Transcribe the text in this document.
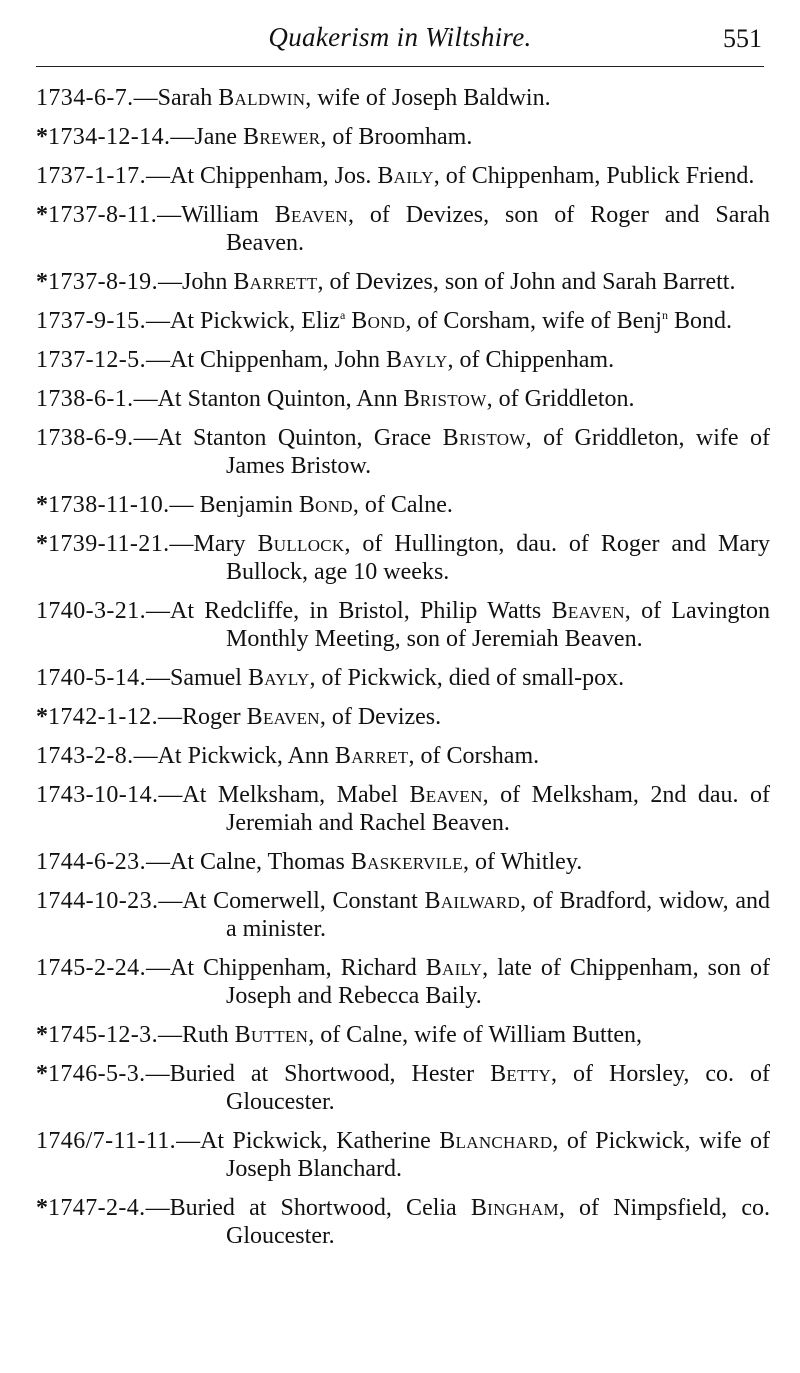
Quakerism in Wiltshire.	551
1734-6-7.—Sarah Baldwin, wife of Joseph Baldwin.
*1734-12-14.—Jane Brewer, of Broomham.
1737-1-17.—At Chippenham, Jos. Baily, of Chippenham, Publick Friend.
*1737-8-11.—William Beaven, of Devizes, son of Roger and Sarah Beaven.
*1737-8-19.—John Barrett, of Devizes, son of John and Sarah Barrett.
1737-9-15.—At Pickwick, Eliz$^a$ Bond, of Corsham, wife of Benj$^n$ Bond.
1737-12-5.—At Chippenham, John Bayly, of Chippenham.
1738-6-1.—At Stanton Quinton, Ann Bristow, of Griddleton.
1738-6-9.—At Stanton Quinton, Grace Bristow, of Griddleton, wife of James Bristow.
*1738-11-10.— Benjamin Bond, of Calne.
*1739-11-21.—Mary Bullock, of Hullington, dau. of Roger and Mary Bullock, age 10 weeks.
1740-3-21.—At Redcliffe, in Bristol, Philip Watts Beaven, of Lavington Monthly Meeting, son of Jeremiah Beaven.
1740-5-14.—Samuel Bayly, of Pickwick, died of small-pox.
*1742-1-12.—Roger Beaven, of Devizes.
1743-2-8.—At Pickwick, Ann Barret, of Corsham.
1743-10-14.—At Melksham, Mabel Beaven, of Melksham, 2nd dau. of Jeremiah and Rachel Beaven.
1744-6-23.—At Calne, Thomas Baskervile, of Whitley.
1744-10-23.—At Comerwell, Constant Bailward, of Bradford, widow, and a minister.
1745-2-24.—At Chippenham, Richard Baily, late of Chippenham, son of Joseph and Rebecca Baily.
*1745-12-3.—Ruth Butten, of Calne, wife of William Butten,
*1746-5-3.—Buried at Shortwood, Hester Betty, of Horsley, co. of Gloucester.
1746/7-11-11.—At Pickwick, Katherine Blanchard, of Pickwick, wife of Joseph Blanchard.
*1747-2-4.—Buried at Shortwood, Celia Bingham, of Nimpsfield, co. Gloucester.
